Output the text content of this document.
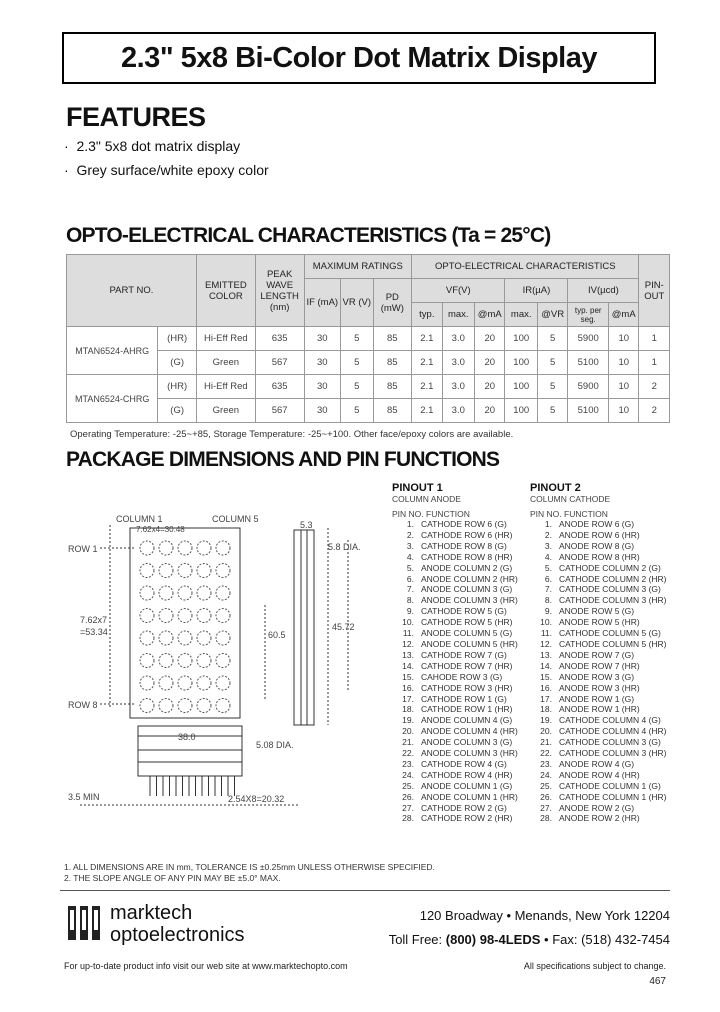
2.3" 5x8 Bi-Color Dot Matrix Display
FEATURES
·  2.3" 5x8 dot matrix display
·  Grey surface/white epoxy color
OPTO-ELECTRICAL CHARACTERISTICS (Ta = 25°C)
PART NO.		EMITTED COLOR	PEAK WAVE LENGTH (nm)	MAXIMUM RATINGS			OPTO-ELECTRICAL CHARACTERISTICS							PIN-OUT
				IF (mA)	VR (V)	PD (mW)	VF(V)			IR(µA)		IV(µcd)		
							typ.	max.	@mA	max.	@VR	typ. per seg.	@mA	
MTAN6524-AHRG	(HR)	Hi-Eff Red	635	30	5	85	2.1	3.0	20	100	5	5900	10	1
	(G)	Green	567	30	5	85	2.1	3.0	20	100	5	5100	10	1
MTAN6524-CHRG	(HR)	Hi-Eff Red	635	30	5	85	2.1	3.0	20	100	5	5900	10	2
	(G)	Green	567	30	5	85	2.1	3.0	20	100	5	5100	10	2
Operating Temperature: -25~+85, Storage Temperature: -25~+100. Other face/epoxy colors are available.
PACKAGE DIMENSIONS AND PIN FUNCTIONS
COLUMN 1	COLUMN 5
7.62x4=30.48
ROW 1
ROW 8
7.62x7
=53.34
5.3
5.8 DIA.
60.5
45.72
38.0
5.08 DIA.
3.5 MIN	2.54X8=20.32
PINOUT 1
COLUMN ANODE
PIN NO. FUNCTION
1. CATHODE ROW 6 (G)
2. CATHODE ROW 6 (HR)
3. CATHODE ROW 8 (G)
4. CATHODE ROW 8 (HR)
5. ANODE COLUMN 2 (G)
6. ANODE COLUMN 2 (HR)
7. ANODE COLUMN 3 (G)
8. ANODE COLUMN 3 (HR)
9. CATHODE ROW 5 (G)
10. CATHODE ROW 5 (HR)
11. ANODE COLUMN 5 (G)
12. ANODE COLUMN 5 (HR)
13. CATHODE ROW 7 (G)
14. CATHODE ROW 7 (HR)
15. CAHODE ROW 3 (G)
16. CATHODE ROW 3 (HR)
17. CATHODE ROW 1 (G)
18. CATHODE ROW 1 (HR)
19. ANODE COLUMN 4 (G)
20. ANODE COLUMN 4 (HR)
21. ANODE COLUMN 3 (G)
22. ANODE COLUMN 3 (HR)
23. CATHODE ROW 4 (G)
24. CATHODE ROW 4 (HR)
25. ANODE COLUMN 1 (G)
26. ANODE COLUMN 1 (HR)
27. CATHODE ROW 2 (G)
28. CATHODE ROW 2 (HR)
PINOUT 2
COLUMN CATHODE
PIN NO. FUNCTION
1. ANODE ROW 6 (G)
2. ANODE ROW 6 (HR)
3. ANODE ROW 8 (G)
4. ANODE ROW 8 (HR)
5. CATHODE COLUMN 2 (G)
6. CATHODE COLUMN 2 (HR)
7. CATHODE COLUMN 3 (G)
8. CATHODE COLUMN 3 (HR)
9. ANODE ROW 5 (G)
10. ANODE ROW 5 (HR)
11. CATHODE COLUMN 5 (G)
12. CATHODE COLUMN 5 (HR)
13. ANODE ROW 7 (G)
14. ANODE ROW 7 (HR)
15. ANODE ROW 3 (G)
16. ANODE ROW 3 (HR)
17. ANODE ROW 1 (G)
18. ANODE ROW 1 (HR)
19. CATHODE COLUMN 4 (G)
20. CATHODE COLUMN 4 (HR)
21. CATHODE COLUMN 3 (G)
22. CATHODE COLUMN 3 (HR)
23. ANODE ROW 4 (G)
24. ANODE ROW 4 (HR)
25. CATHODE COLUMN 1 (G)
26. CATHODE COLUMN 1 (HR)
27. ANODE ROW 2 (G)
28. ANODE ROW 2 (HR)
1. ALL DIMENSIONS ARE IN mm, TOLERANCE IS ±0.25mm UNLESS OTHERWISE SPECIFIED.
2. THE SLOPE ANGLE OF ANY PIN MAY BE ±5.0° MAX.
marktech
optoelectronics
120 Broadway • Menands, New York 12204
Toll Free: (800) 98-4LEDS • Fax: (518) 432-7454
For up-to-date product info visit our web site at www.marktechopto.com	All specifications subject to change.
467
